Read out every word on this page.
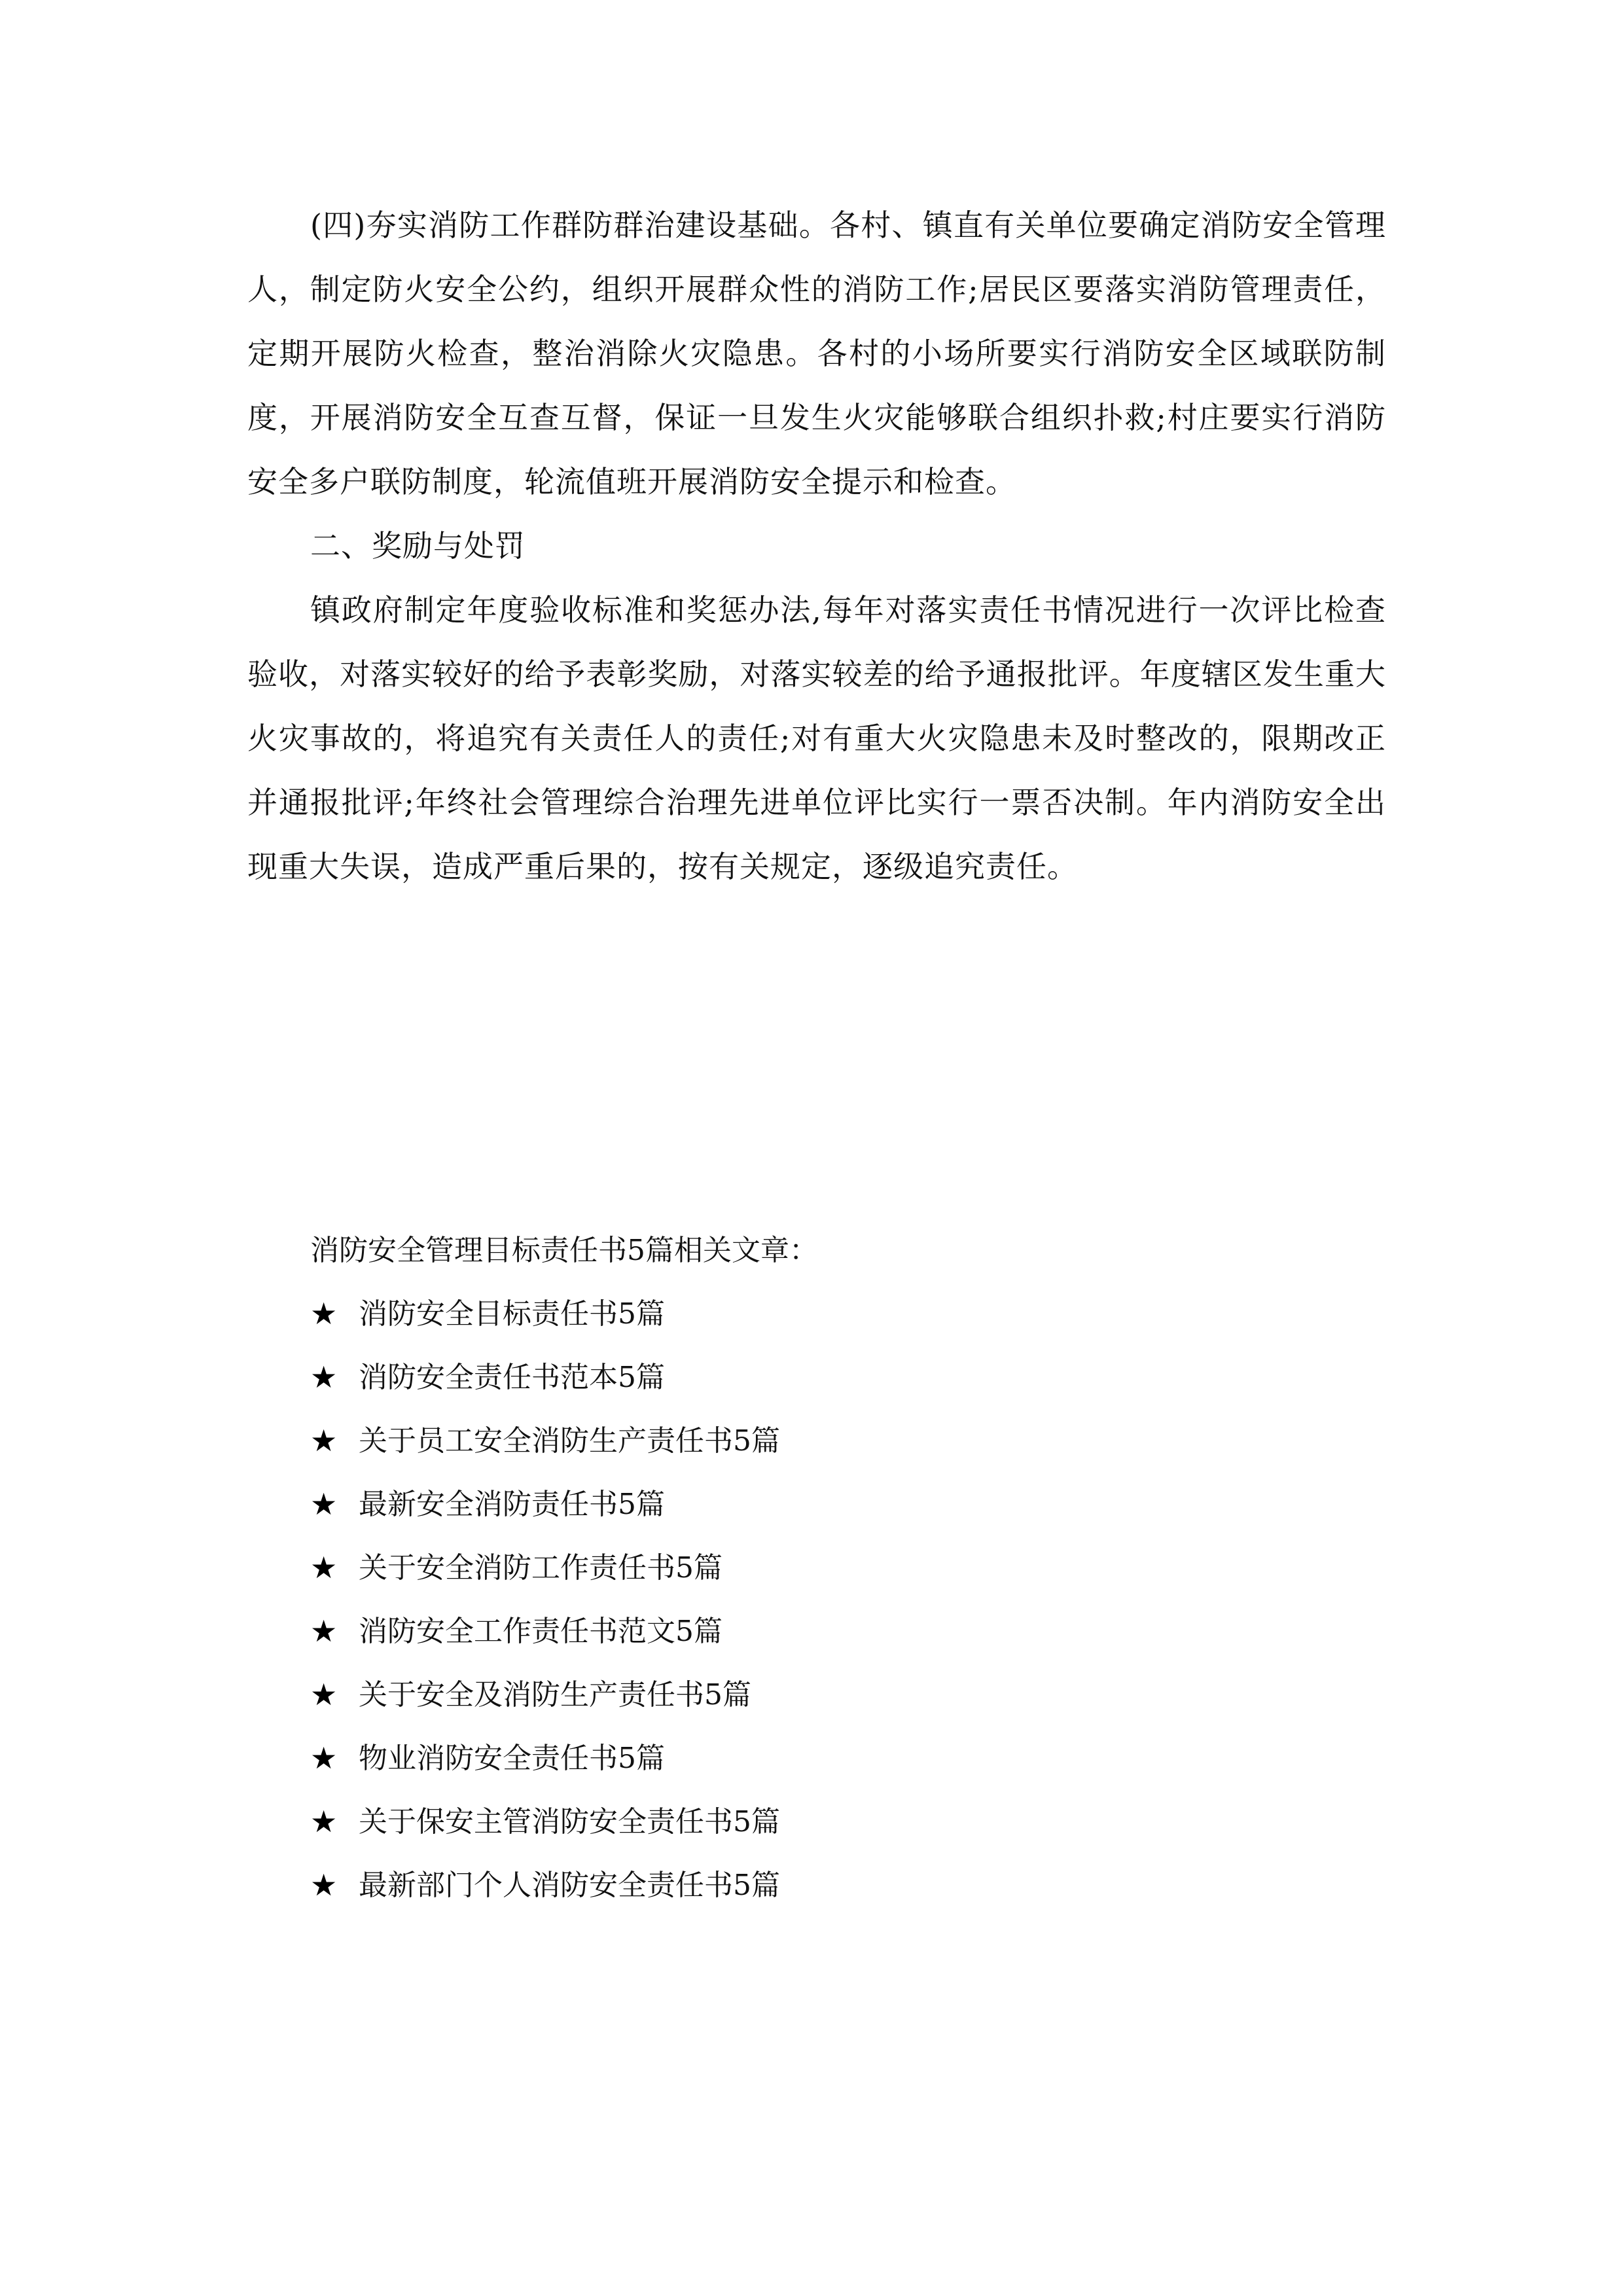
(四)夯实消防工作群防群治建设基础。各村、镇直有关单位要确定消防安全管理人，制定防火安全公约，组织开展群众性的消防工作;居民区要落实消防管理责任，定期开展防火检查，整治消除火灾隐患。各村的小场所要实行消防安全区域联防制度，开展消防安全互查互督，保证一旦发生火灾能够联合组织扑救;村庄要实行消防安全多户联防制度，轮流值班开展消防安全提示和检查。

二、奖励与处罚

镇政府制定年度验收标准和奖惩办法,每年对落实责任书情况进行一次评比检查验收，对落实较好的给予表彰奖励，对落实较差的给予通报批评。年度辖区发生重大火灾事故的，将追究有关责任人的责任;对有重大火灾隐患未及时整改的，限期改正并通报批评;年终社会管理综合治理先进单位评比实行一票否决制。年内消防安全出现重大失误，造成严重后果的，按有关规定，逐级追究责任。

消防安全管理目标责任书5篇相关文章：

★ 消防安全目标责任书5篇
★ 消防安全责任书范本5篇
★ 关于员工安全消防生产责任书5篇
★ 最新安全消防责任书5篇
★ 关于安全消防工作责任书5篇
★ 消防安全工作责任书范文5篇
★ 关于安全及消防生产责任书5篇
★ 物业消防安全责任书5篇
★ 关于保安主管消防安全责任书5篇
★ 最新部门个人消防安全责任书5篇
